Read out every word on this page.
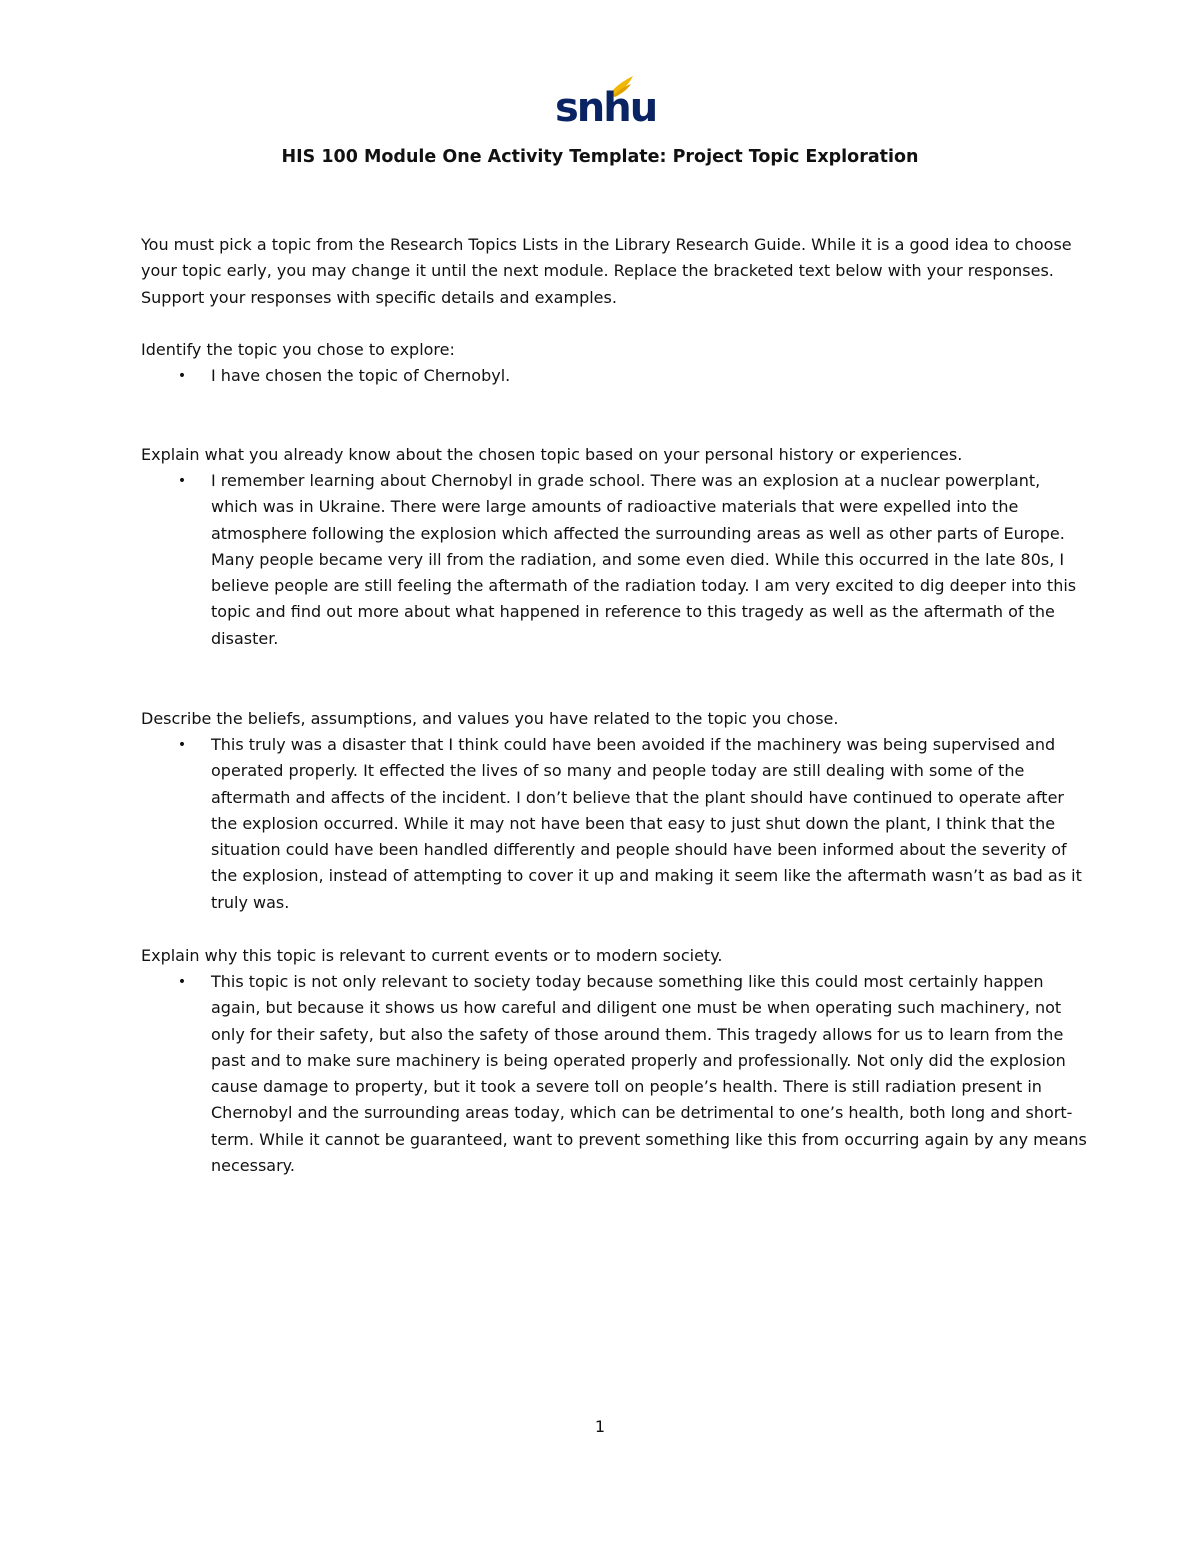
snhu
HIS 100 Module One Activity Template: Project Topic Exploration

You must pick a topic from the Research Topics Lists in the Library Research Guide. While it is a good idea to choose your topic early, you may change it until the next module. Replace the bracketed text below with your responses. Support your responses with specific details and examples.

Identify the topic you chose to explore:

• I have chosen the topic of Chernobyl.

Explain what you already know about the chosen topic based on your personal history or experiences.

• I remember learning about Chernobyl in grade school. There was an explosion at a nuclear powerplant, which was in Ukraine. There were large amounts of radioactive materials that were expelled into the atmosphere following the explosion which affected the surrounding areas as well as other parts of Europe. Many people became very ill from the radiation, and some even died. While this occurred in the late 80s, I believe people are still feeling the aftermath of the radiation today. I am very excited to dig deeper into this topic and find out more about what happened in reference to this tragedy as well as the aftermath of the disaster.

Describe the beliefs, assumptions, and values you have related to the topic you chose.

• This truly was a disaster that I think could have been avoided if the machinery was being supervised and operated properly. It effected the lives of so many and people today are still dealing with some of the aftermath and affects of the incident. I don’t believe that the plant should have continued to operate after the explosion occurred. While it may not have been that easy to just shut down the plant, I think that the situation could have been handled differently and people should have been informed about the severity of the explosion, instead of attempting to cover it up and making it seem like the aftermath wasn’t as bad as it truly was.

Explain why this topic is relevant to current events or to modern society.

• This topic is not only relevant to society today because something like this could most certainly happen again, but because it shows us how careful and diligent one must be when operating such machinery, not only for their safety, but also the safety of those around them. This tragedy allows for us to learn from the past and to make sure machinery is being operated properly and professionally. Not only did the explosion cause damage to property, but it took a severe toll on people’s health. There is still radiation present in Chernobyl and the surrounding areas today, which can be detrimental to one’s health, both long and short-term. While it cannot be guaranteed, want to prevent something like this from occurring again by any means necessary.

1
